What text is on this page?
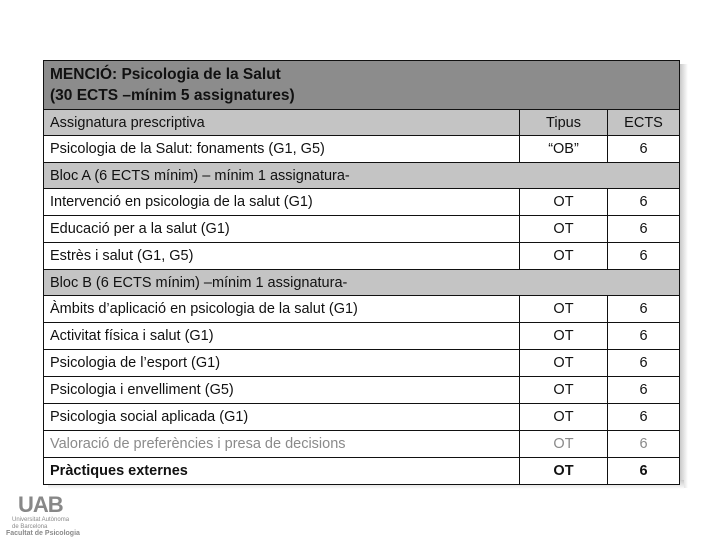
MENCIÓ: Psicologia de la Salut
(30 ECTS –mínim 5 assignatures)		

Assignatura prescriptiva	Tipus	ECTS
Psicologia de la Salut: fonaments (G1, G5)	“OB”	6
Bloc A (6 ECTS mínim) – mínim 1 assignatura-		
Intervenció en psicologia de la salut (G1)	OT	6
Educació per a la salut (G1)	OT	6
Estrès i salut (G1, G5)	OT	6
Bloc B (6 ECTS mínim) –mínim 1 assignatura-		
Àmbits d’aplicació en psicologia de la salut (G1)	OT	6
Activitat física i salut (G1)	OT	6
Psicologia de l’esport (G1)	OT	6
Psicologia i envelliment (G5)	OT	6
Psicologia social aplicada (G1)	OT	6
Valoració de preferències i presa de decisions	OT	6
Pràctiques externes	OT	6
UAB
Universitat Autònoma
de Barcelona
Facultat de Psicologia
